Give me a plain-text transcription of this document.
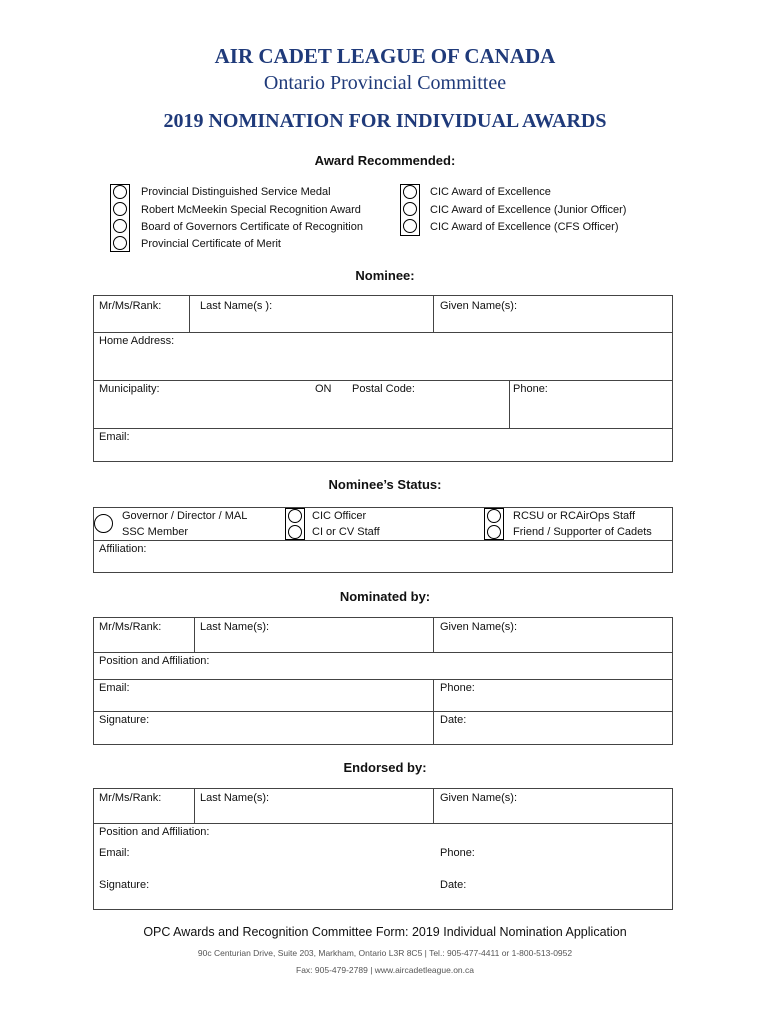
AIR CADET LEAGUE OF CANADA
Ontario Provincial Committee
2019 NOMINATION FOR INDIVIDUAL AWARDS
Award Recommended:
Provincial Distinguished Service Medal
Robert McMeekin Special Recognition Award
Board of Governors Certificate of Recognition
Provincial Certificate of Merit
CIC Award of Excellence
CIC Award of Excellence (Junior Officer)
CIC Award of Excellence (CFS Officer)
Nominee:
Mr/Ms/Rank:	Last Name(s ):	Given Name(s):
Home Address:
Municipality:	ON Postal Code:	Phone:
Email:
Nominee’s Status:
Governor / Director / MAL
SSC Member
CIC Officer
CI or CV Staff
RCSU or RCAirOps Staff
Friend / Supporter of Cadets
Affiliation:
Nominated by:
Mr/Ms/Rank:	Last Name(s):	Given Name(s):
Position and Affiliation:
Email:	Phone:
Signature:	Date:
Endorsed by:
Mr/Ms/Rank:	Last Name(s):	Given Name(s):
Position and Affiliation:
Email:	Phone:
Signature:	Date:
OPC Awards and Recognition Committee Form: 2019 Individual Nomination Application
90c Centurian Drive, Suite 203, Markham, Ontario L3R 8C5 | Tel.: 905-477-4411 or 1-800-513-0952
Fax: 905-479-2789 | www.aircadetleague.on.ca
